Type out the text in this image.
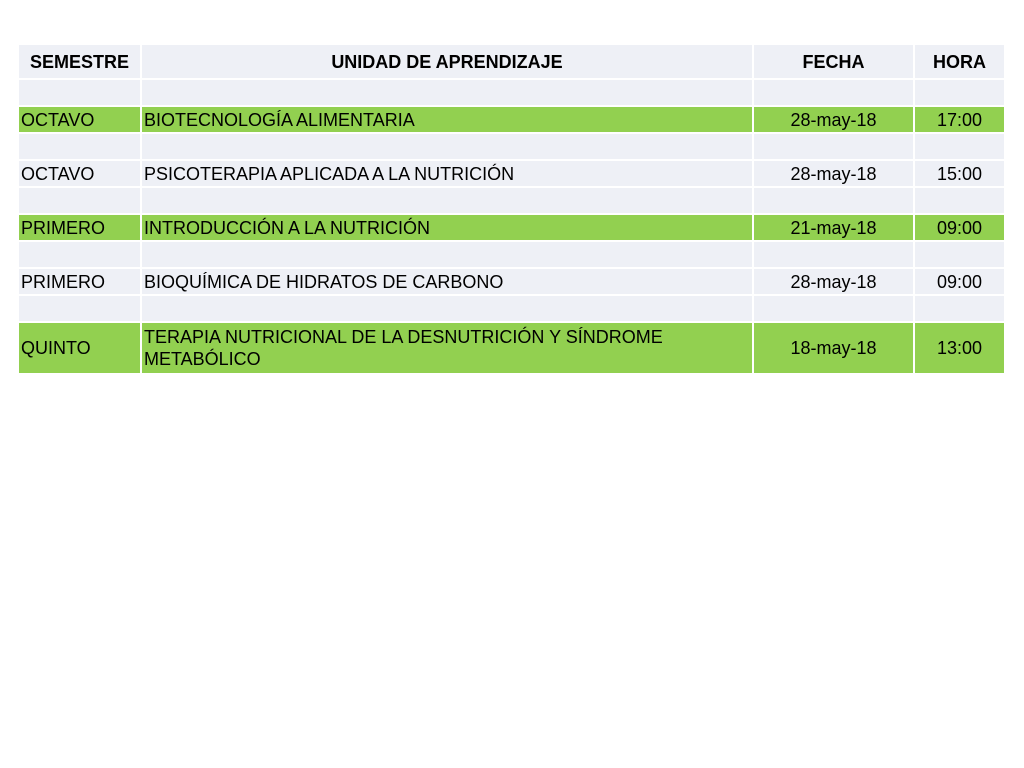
SEMESTRE	UNIDAD DE APRENDIZAJE	FECHA	HORA

OCTAVO	BIOTECNOLOGÍA ALIMENTARIA	28-may-18	17:00

OCTAVO	PSICOTERAPIA APLICADA A LA NUTRICIÓN	28-may-18	15:00

PRIMERO	INTRODUCCIÓN A LA NUTRICIÓN	21-may-18	09:00

PRIMERO	BIOQUÍMICA DE HIDRATOS DE CARBONO	28-may-18	09:00

QUINTO	TERAPIA NUTRICIONAL DE LA DESNUTRICIÓN Y SÍNDROME METABÓLICO	18-may-18	13:00
